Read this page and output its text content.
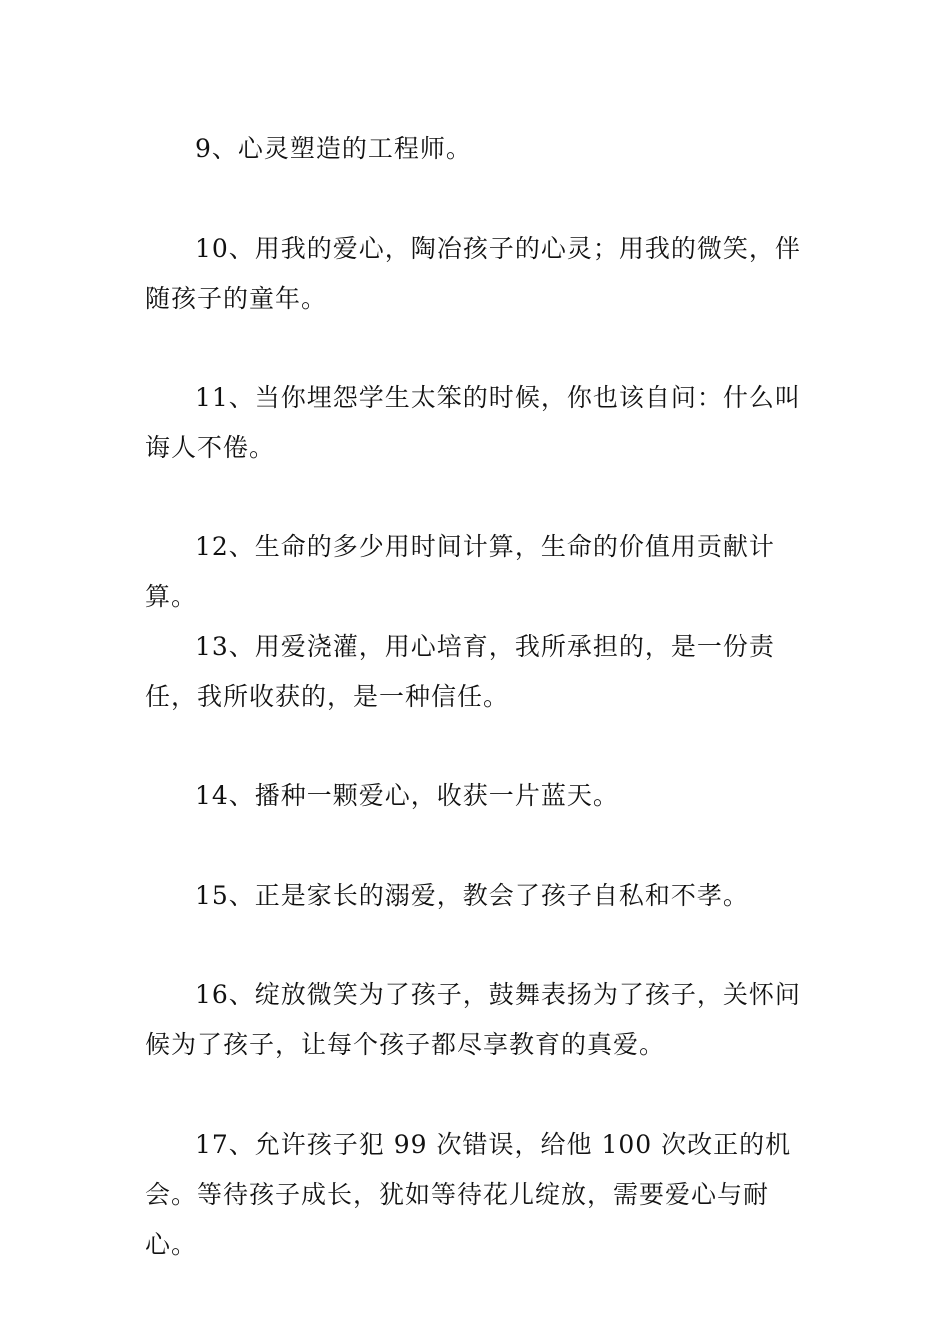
9、心灵塑造的工程师。

10、用我的爱心，陶冶孩子的心灵；用我的微笑，伴随孩子的童年。

11、当你埋怨学生太笨的时候，你也该自问：什么叫诲人不倦。

12、生命的多少用时间计算，生命的价值用贡献计算。

13、用爱浇灌，用心培育，我所承担的，是一份责任，我所收获的，是一种信任。

14、播种一颗爱心，收获一片蓝天。

15、正是家长的溺爱，教会了孩子自私和不孝。

16、绽放微笑为了孩子，鼓舞表扬为了孩子，关怀问候为了孩子，让每个孩子都尽享教育的真爱。

17、允许孩子犯 99 次错误，给他 100 次改正的机会。等待孩子成长，犹如等待花儿绽放，需要爱心与耐心。
